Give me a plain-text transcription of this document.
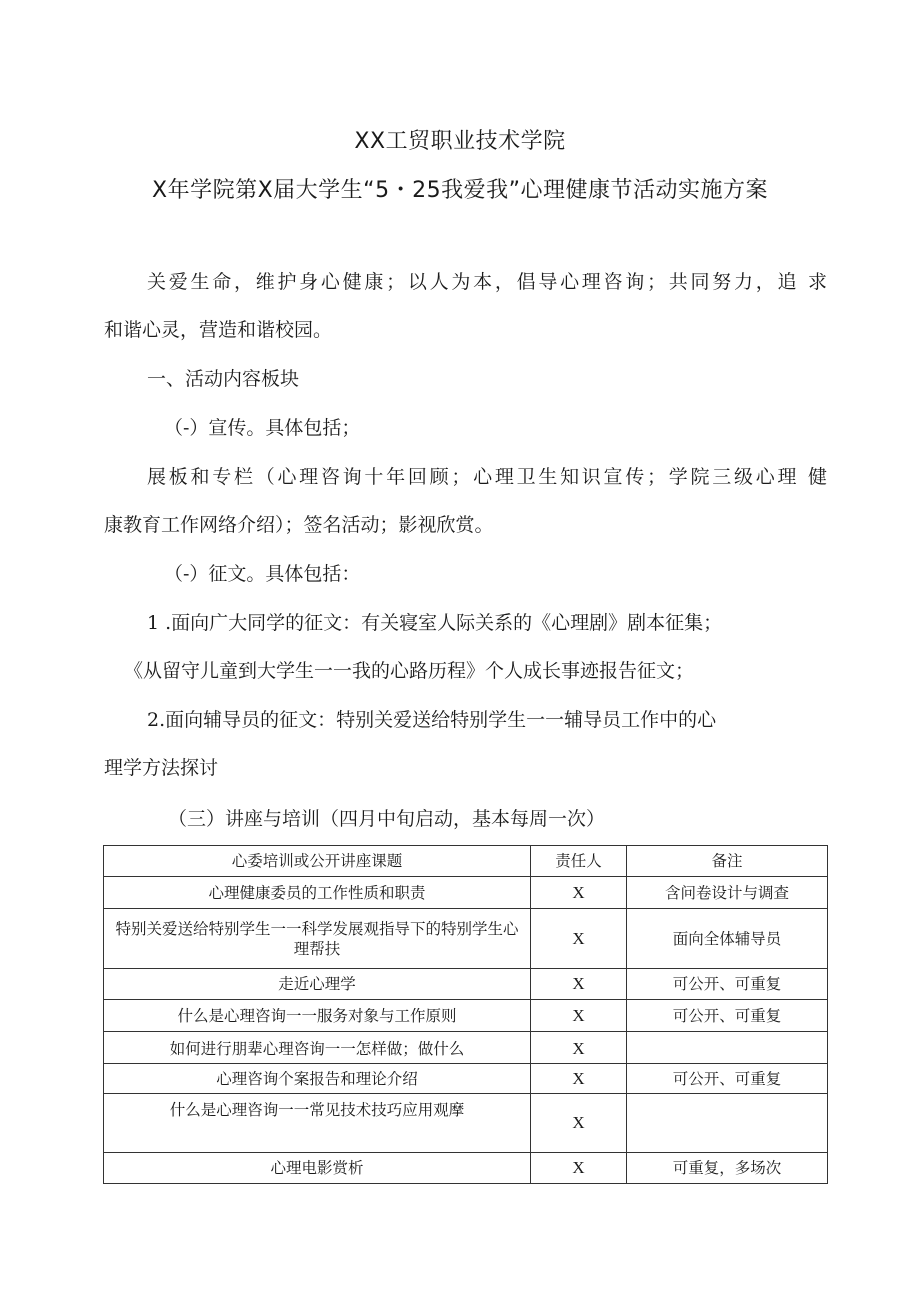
XX工贸职业技术学院
X年学院第X届大学生“5・25我爱我”心理健康节活动实施方案
关爱生命，维护身心健康；以人为本，倡导心理咨询；共同努力，追 求
和谐心灵，营造和谐校园。
一、活动内容板块
（-）宣传。具体包括；
展板和专栏（心理咨询十年回顾；心理卫生知识宣传；学院三级心理 健
康教育工作网络介绍）；签名活动；影视欣赏。
（-）征文。具体包括：
1 .面向广大同学的征文：有关寝室人际关系的《心理剧》剧本征集；
《从留守儿童到大学生一一我的心路历程》个人成长事迹报告征文；
2.面向辅导员的征文：特别关爱送给特别学生一一辅导员工作中的心
理学方法探讨
（三）讲座与培训（四月中旬启动，基本每周一次）
心委培训或公开讲座课题	责任人	备注
心理健康委员的工作性质和职责	X	含问卷设计与调查
特别关爱送给特别学生一一科学发展观指导下的特别学生心理帮扶	X	面向全体辅导员
走近心理学	X	可公开、可重复
什么是心理咨询一一服务对象与工作原则	X	可公开、可重复
如何进行朋辈心理咨询一一怎样做；做什么	X	
心理咨询个案报告和理论介绍	X	可公开、可重复
什么是心理咨询一一常见技术技巧应用观摩	X	
心理电影赏析	X	可重复，多场次
